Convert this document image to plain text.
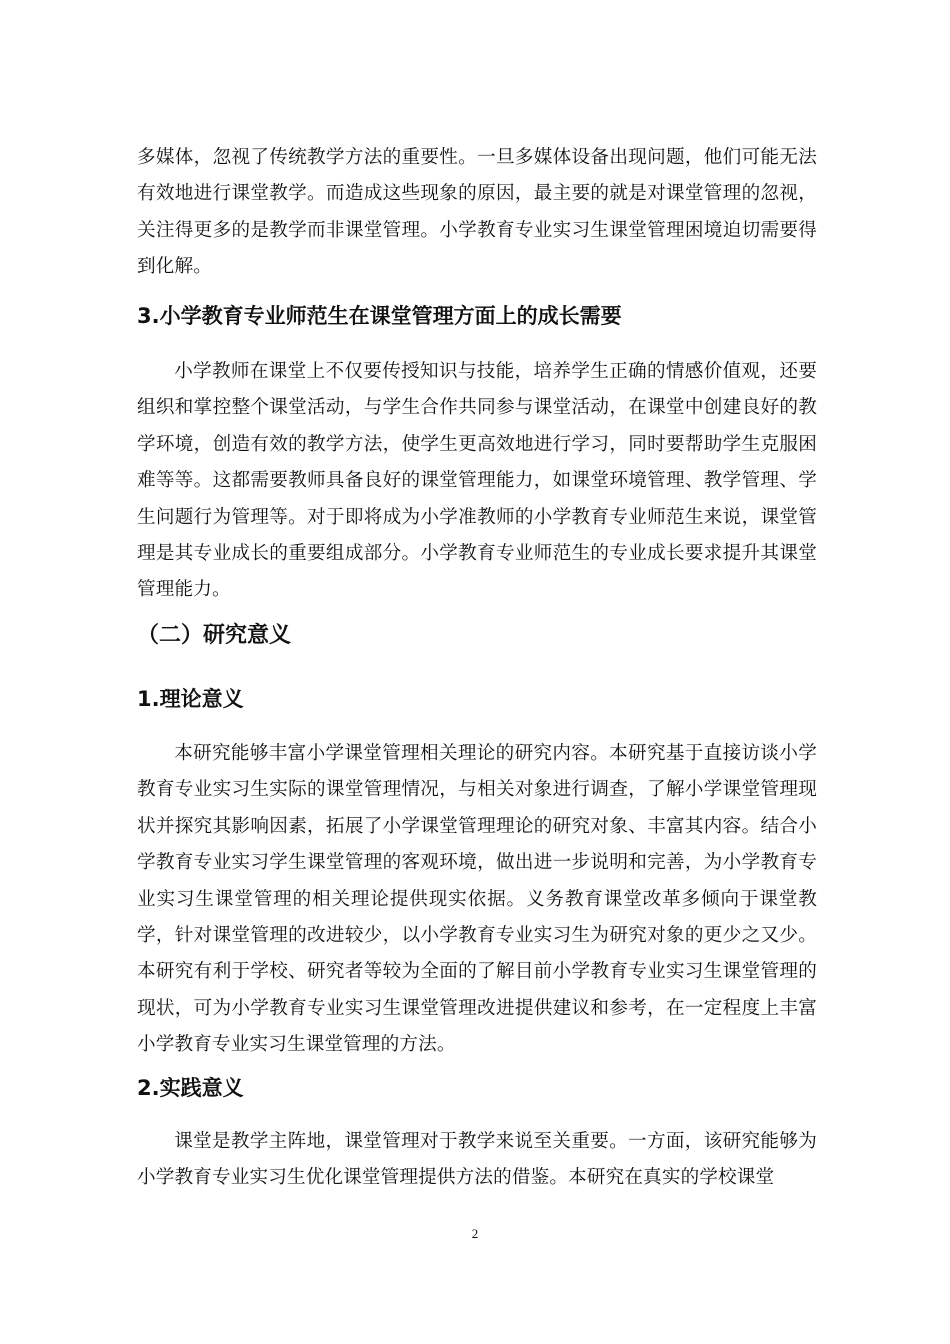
多媒体，忽视了传统教学方法的重要性。一旦多媒体设备出现问题，他们可能无法有效地进行课堂教学。而造成这些现象的原因，最主要的就是对课堂管理的忽视，关注得更多的是教学而非课堂管理。小学教育专业实习生课堂管理困境迫切需要得到化解。

3.小学教育专业师范生在课堂管理方面上的成长需要

小学教师在课堂上不仅要传授知识与技能，培养学生正确的情感价值观，还要组织和掌控整个课堂活动，与学生合作共同参与课堂活动，在课堂中创建良好的教学环境，创造有效的教学方法，使学生更高效地进行学习，同时要帮助学生克服困难等等。这都需要教师具备良好的课堂管理能力，如课堂环境管理、教学管理、学生问题行为管理等。对于即将成为小学准教师的小学教育专业师范生来说，课堂管理是其专业成长的重要组成部分。小学教育专业师范生的专业成长要求提升其课堂管理能力。

（二）研究意义
1.理论意义

本研究能够丰富小学课堂管理相关理论的研究内容。本研究基于直接访谈小学教育专业实习生实际的课堂管理情况，与相关对象进行调查，了解小学课堂管理现状并探究其影响因素，拓展了小学课堂管理理论的研究对象、丰富其内容。结合小学教育专业实习学生课堂管理的客观环境，做出进一步说明和完善，为小学教育专业实习生课堂管理的相关理论提供现实依据。义务教育课堂改革多倾向于课堂教学，针对课堂管理的改进较少，以小学教育专业实习生为研究对象的更少之又少。本研究有利于学校、研究者等较为全面的了解目前小学教育专业实习生课堂管理的现状，可为小学教育专业实习生课堂管理改进提供建议和参考，在一定程度上丰富小学教育专业实习生课堂管理的方法。

2.实践意义

课堂是教学主阵地，课堂管理对于教学来说至关重要。一方面，该研究能够为小学教育专业实习生优化课堂管理提供方法的借鉴。本研究在真实的学校课堂

2
